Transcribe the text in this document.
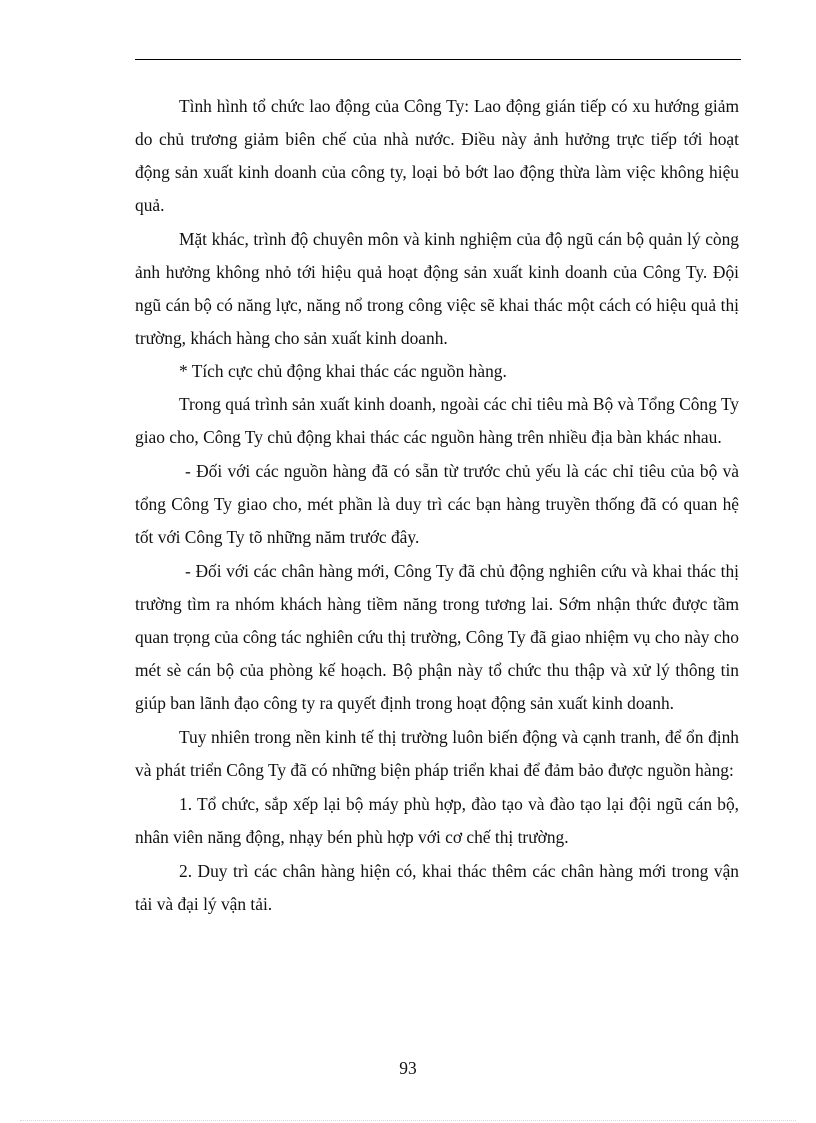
Tình hình tổ chức lao động của Công Ty: Lao động gián tiếp có xu hướng giảm do chủ trương giảm biên chế của nhà nước. Điều này ảnh hưởng trực tiếp tới hoạt động sản xuất kinh doanh của công ty, loại bỏ bớt lao động thừa làm việc không hiệu quả.

Mặt khác, trình độ chuyên môn và kinh nghiệm của độ ngũ cán bộ quản lý còng ảnh hưởng không nhỏ tới hiệu quả hoạt động sản xuất kinh doanh của Công Ty. Đội ngũ cán bộ có năng lực, năng nổ trong công việc sẽ khai thác một cách có hiệu quả thị trường, khách hàng cho sản xuất kinh doanh.

* Tích cực chủ động khai thác các nguồn hàng.

Trong quá trình sản xuất kinh doanh, ngoài các chỉ tiêu mà Bộ và Tổng Công Ty giao cho, Công Ty chủ động khai thác các nguồn hàng trên nhiều địa bàn khác nhau.

- Đối với các nguồn hàng đã có sẵn từ trước chủ yếu là các chỉ tiêu của bộ và tổng Công Ty giao cho, mét phần là duy trì các bạn hàng truyền thống đã có quan hệ tốt với Công Ty tõ những năm trước đây.

- Đối với các chân hàng mới, Công Ty đã chủ động nghiên cứu và khai thác thị trường tìm ra nhóm khách hàng tiềm năng trong tương lai. Sớm nhận thức được tầm quan trọng của công tác nghiên cứu thị trường, Công Ty đã giao nhiệm vụ cho này cho mét sè cán bộ của phòng kế hoạch. Bộ phận này tổ chức thu thập và xử lý thông tin giúp ban lãnh đạo công ty ra quyết định trong hoạt động sản xuất kinh doanh.

Tuy nhiên trong nền kinh tế thị trường luôn biến động và cạnh tranh, để ổn định và phát triển Công Ty đã có những biện pháp triển khai để đảm bảo được nguồn hàng:

1. Tổ chức, sắp xếp lại bộ máy phù hợp, đào tạo và đào tạo lại đội ngũ cán bộ, nhân viên năng động, nhạy bén phù hợp với cơ chế thị trường.

2. Duy trì các chân hàng hiện có, khai thác thêm các chân hàng mới trong vận tải và đại lý vận tải.

93
